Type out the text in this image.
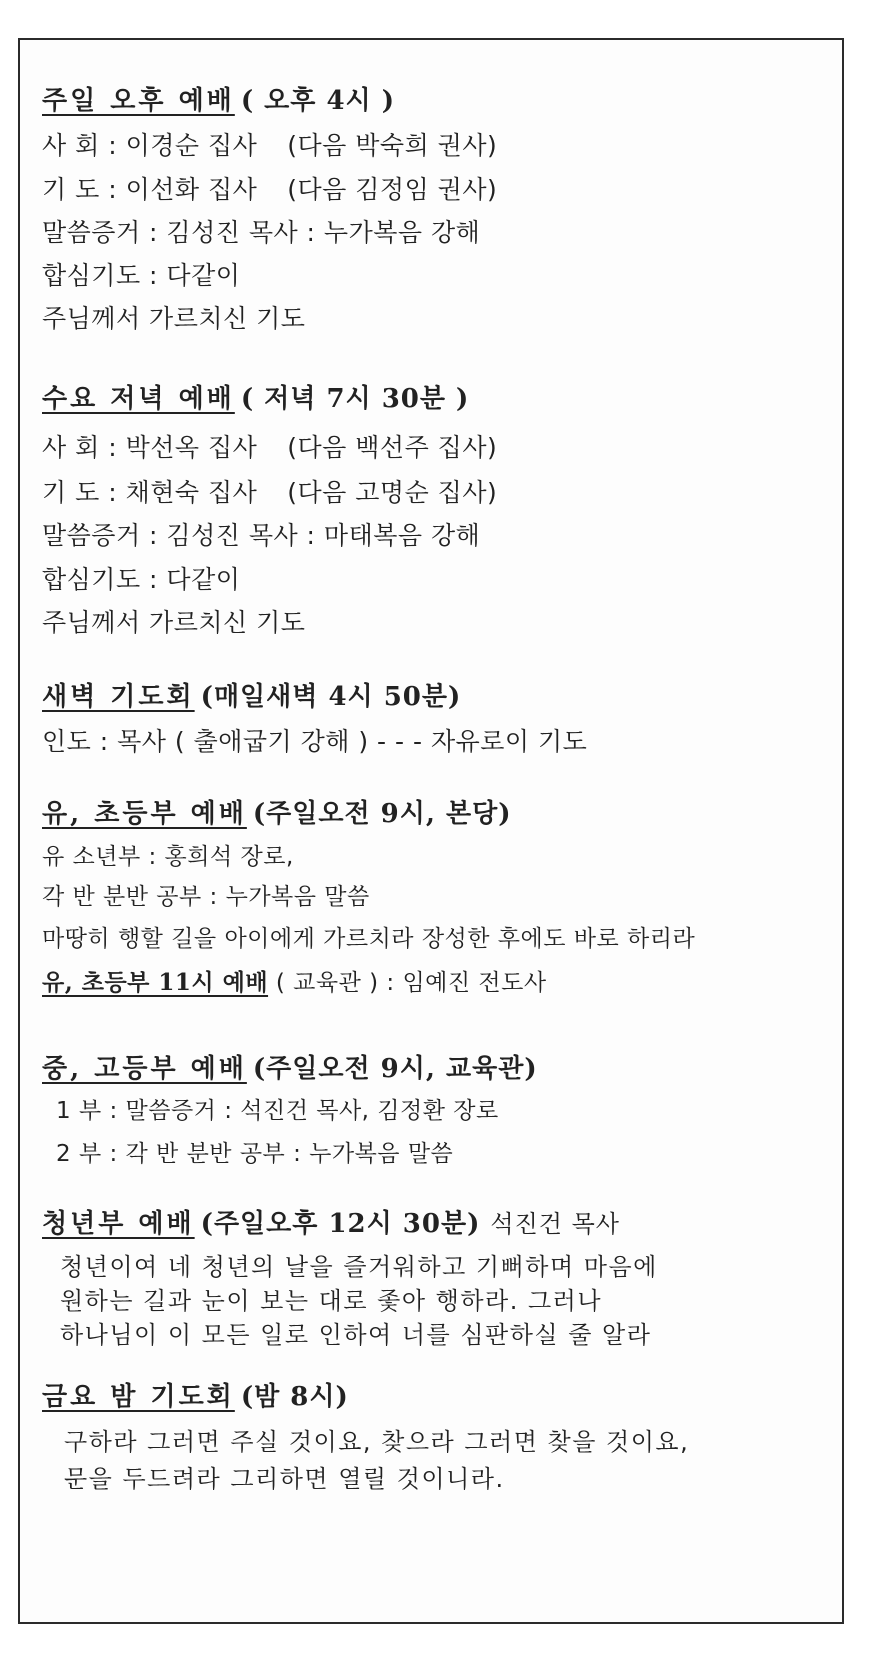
주일 오후 예배 ( 오후 4시 )
사 회 : 이경순 집사 (다음 박숙희 권사)
기 도 : 이선화 집사 (다음 김정임 권사)
말씀증거 : 김성진 목사 : 누가복음 강해
합심기도 : 다같이
주님께서 가르치신 기도
수요 저녁 예배 ( 저녁 7시 30분 )
사 회 : 박선옥 집사 (다음 백선주 집사)
기 도 : 채현숙 집사 (다음 고명순 집사)
말씀증거 : 김성진 목사 : 마태복음 강해
합심기도 : 다같이
주님께서 가르치신 기도
새벽 기도회 (매일새벽 4시 50분)
인도 : 목사 ( 출애굽기 강해 ) - - - 자유로이 기도
유, 초등부 예배 (주일오전 9시, 본당)
유 소년부 : 홍희석 장로,
각 반 분반 공부 : 누가복음 말씀
마땅히 행할 길을 아이에게 가르치라 장성한 후에도 바로 하리라
유, 초등부 11시 예배 ( 교육관 ) : 임예진 전도사
중, 고등부 예배 (주일오전 9시, 교육관)
1 부 : 말씀증거 : 석진건 목사, 김정환 장로
2 부 : 각 반 분반 공부 : 누가복음 말씀
청년부 예배 (주일오후 12시 30분) 석진건 목사
청년이여 네 청년의 날을 즐거워하고 기뻐하며 마음에
원하는 길과 눈이 보는 대로 좇아 행하라. 그러나
하나님이 이 모든 일로 인하여 너를 심판하실 줄 알라
금요 밤 기도회 (밤 8시)
구하라 그러면 주실 것이요, 찾으라 그러면 찾을 것이요,
문을 두드려라 그리하면 열릴 것이니라.
